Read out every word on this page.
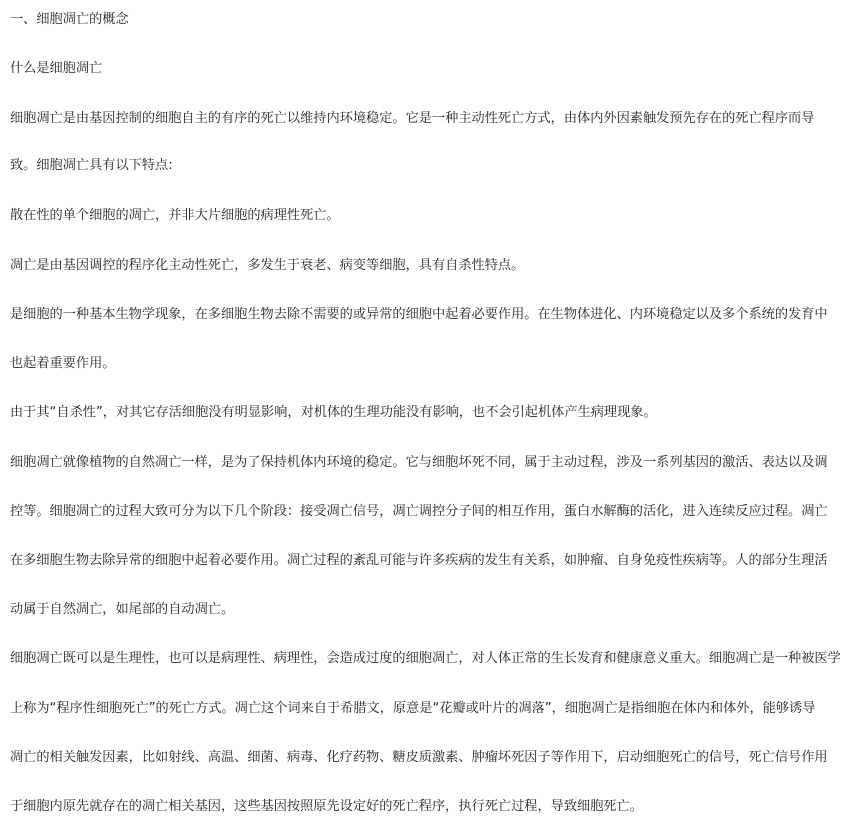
一、细胞凋亡的概念
什么是细胞凋亡
细胞凋亡是由基因控制的细胞自主的有序的死亡以维持内环境稳定。它是一种主动性死亡方式，由体内外因素触发预先存在的死亡程序而导
致。细胞凋亡具有以下特点:
散在性的单个细胞的凋亡，并非大片细胞的病理性死亡。
凋亡是由基因调控的程序化主动性死亡，多发生于衰老、病变等细胞，具有自杀性特点。
是细胞的一种基本生物学现象，在多细胞生物去除不需要的或异常的细胞中起着必要作用。在生物体进化、内环境稳定以及多个系统的发育中
也起着重要作用。
由于其“自杀性”，对其它存活细胞没有明显影响，对机体的生理功能没有影响，也不会引起机体产生病理现象。
细胞凋亡就像植物的自然凋亡一样，是为了保持机体内环境的稳定。它与细胞坏死不同，属于主动过程，涉及一系列基因的激活、表达以及调
控等。细胞凋亡的过程大致可分为以下几个阶段：接受凋亡信号，凋亡调控分子间的相互作用，蛋白水解酶的活化，进入连续反应过程。凋亡
在多细胞生物去除异常的细胞中起着必要作用。凋亡过程的紊乱可能与许多疾病的发生有关系，如肿瘤、自身免疫性疾病等。人的部分生理活
动属于自然凋亡，如尾部的自动凋亡。
细胞凋亡既可以是生理性，也可以是病理性、病理性，会造成过度的细胞凋亡，对人体正常的生长发育和健康意义重大。细胞凋亡是一种被医学
上称为“程序性细胞死亡”的死亡方式。凋亡这个词来自于希腊文，原意是“花瓣或叶片的凋落”，细胞凋亡是指细胞在体内和体外，能够诱导
凋亡的相关触发因素，比如射线、高温、细菌、病毒、化疗药物、糖皮质激素、肿瘤坏死因子等作用下，启动细胞死亡的信号，死亡信号作用
于细胞内原先就存在的凋亡相关基因，这些基因按照原先设定好的死亡程序，执行死亡过程，导致细胞死亡。
